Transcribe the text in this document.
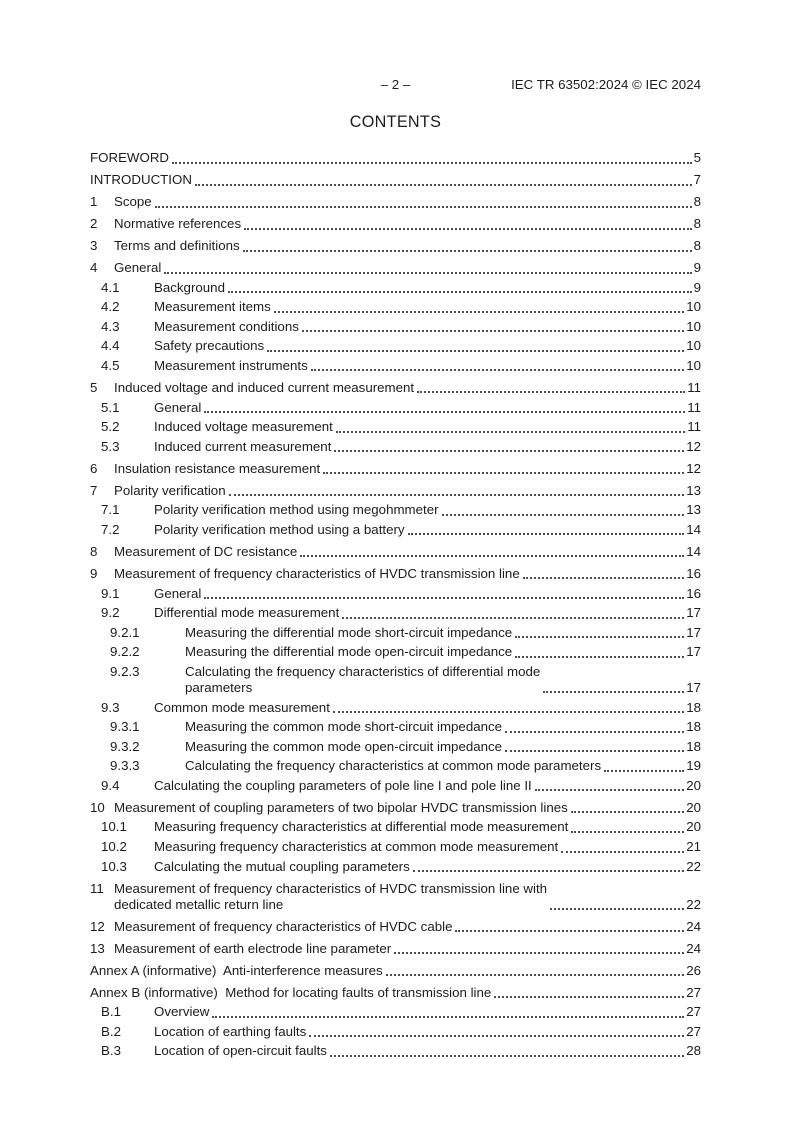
– 2 –	IEC TR 63502:2024 © IEC 2024
CONTENTS
FOREWORD	5
INTRODUCTION	7
1	Scope	8
2	Normative references	8
3	Terms and definitions	8
4	General	9
4.1	Background	9
4.2	Measurement items	10
4.3	Measurement conditions	10
4.4	Safety precautions	10
4.5	Measurement instruments	10
5	Induced voltage and induced current measurement	11
5.1	General	11
5.2	Induced voltage measurement	11
5.3	Induced current measurement	12
6	Insulation resistance measurement	12
7	Polarity verification	13
7.1	Polarity verification method using megohmmeter	13
7.2	Polarity verification method using a battery	14
8	Measurement of DC resistance	14
9	Measurement of frequency characteristics of HVDC transmission line	16
9.1	General	16
9.2	Differential mode measurement	17
9.2.1	Measuring the differential mode short-circuit impedance	17
9.2.2	Measuring the differential mode open-circuit impedance	17
9.2.3	Calculating the frequency characteristics of differential mode
parameters	17
9.3	Common mode measurement	18
9.3.1	Measuring the common mode short-circuit impedance	18
9.3.2	Measuring the common mode open-circuit impedance	18
9.3.3	Calculating the frequency characteristics at common mode parameters	19
9.4	Calculating the coupling parameters of pole line I and pole line II	20
10 Measurement of coupling parameters of two bipolar HVDC transmission lines	20
10.1	Measuring frequency characteristics at differential mode measurement	20
10.2	Measuring frequency characteristics at common mode measurement	21
10.3	Calculating the mutual coupling parameters	22
11 Measurement of frequency characteristics of HVDC transmission line with
dedicated metallic return line	22
12 Measurement of frequency characteristics of HVDC cable	24
13 Measurement of earth electrode line parameter	24
Annex A (informative)  Anti-interference measures	26
Annex B (informative)  Method for locating faults of transmission line	27
B.1	Overview	27
B.2	Location of earthing faults	27
B.3	Location of open-circuit faults	28
